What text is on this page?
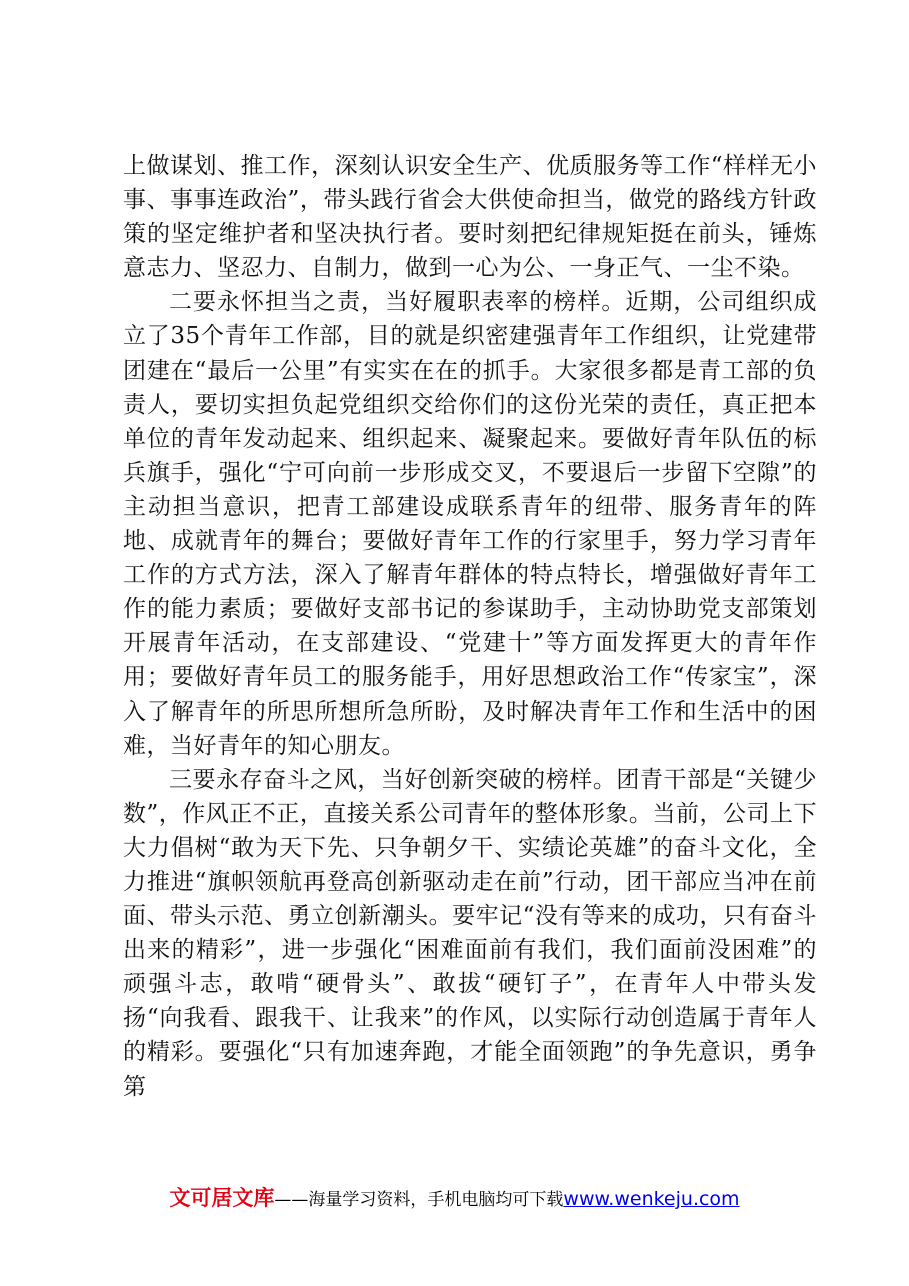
上做谋划、推工作，深刻认识安全生产、优质服务等工作“样样无小事、事事连政治”，带头践行省会大供使命担当，做党的路线方针政策的坚定维护者和坚决执行者。要时刻把纪律规矩挺在前头，锤炼意志力、坚忍力、自制力，做到一心为公、一身正气、一尘不染。

二要永怀担当之责，当好履职表率的榜样。近期，公司组织成立了35个青年工作部，目的就是织密建强青年工作组织，让党建带团建在“最后一公里”有实实在在的抓手。大家很多都是青工部的负责人，要切实担负起党组织交给你们的这份光荣的责任，真正把本单位的青年发动起来、组织起来、凝聚起来。要做好青年队伍的标兵旗手，强化“宁可向前一步形成交叉，不要退后一步留下空隙”的主动担当意识，把青工部建设成联系青年的纽带、服务青年的阵地、成就青年的舞台；要做好青年工作的行家里手，努力学习青年工作的方式方法，深入了解青年群体的特点特长，增强做好青年工作的能力素质；要做好支部书记的参谋助手，主动协助党支部策划开展青年活动，在支部建设、“党建十”等方面发挥更大的青年作用；要做好青年员工的服务能手，用好思想政治工作“传家宝”，深入了解青年的所思所想所急所盼，及时解决青年工作和生活中的困难，当好青年的知心朋友。

三要永存奋斗之风，当好创新突破的榜样。团青干部是“关键少数”，作风正不正，直接关系公司青年的整体形象。当前，公司上下大力倡树“敢为天下先、只争朝夕干、实绩论英雄”的奋斗文化，全力推进“旗帜领航再登高创新驱动走在前”行动，团干部应当冲在前面、带头示范、勇立创新潮头。要牢记“没有等来的成功，只有奋斗出来的精彩”，进一步强化“困难面前有我们，我们面前没困难”的顽强斗志，敢啃“硬骨头”、敢拔“硬钉子”，在青年人中带头发扬“向我看、跟我干、让我来”的作风，以实际行动创造属于青年人的精彩。要强化“只有加速奔跑，才能全面领跑”的争先意识，勇争第

文可居文库——海量学习资料，手机电脑均可下载www.wenkeju.com
